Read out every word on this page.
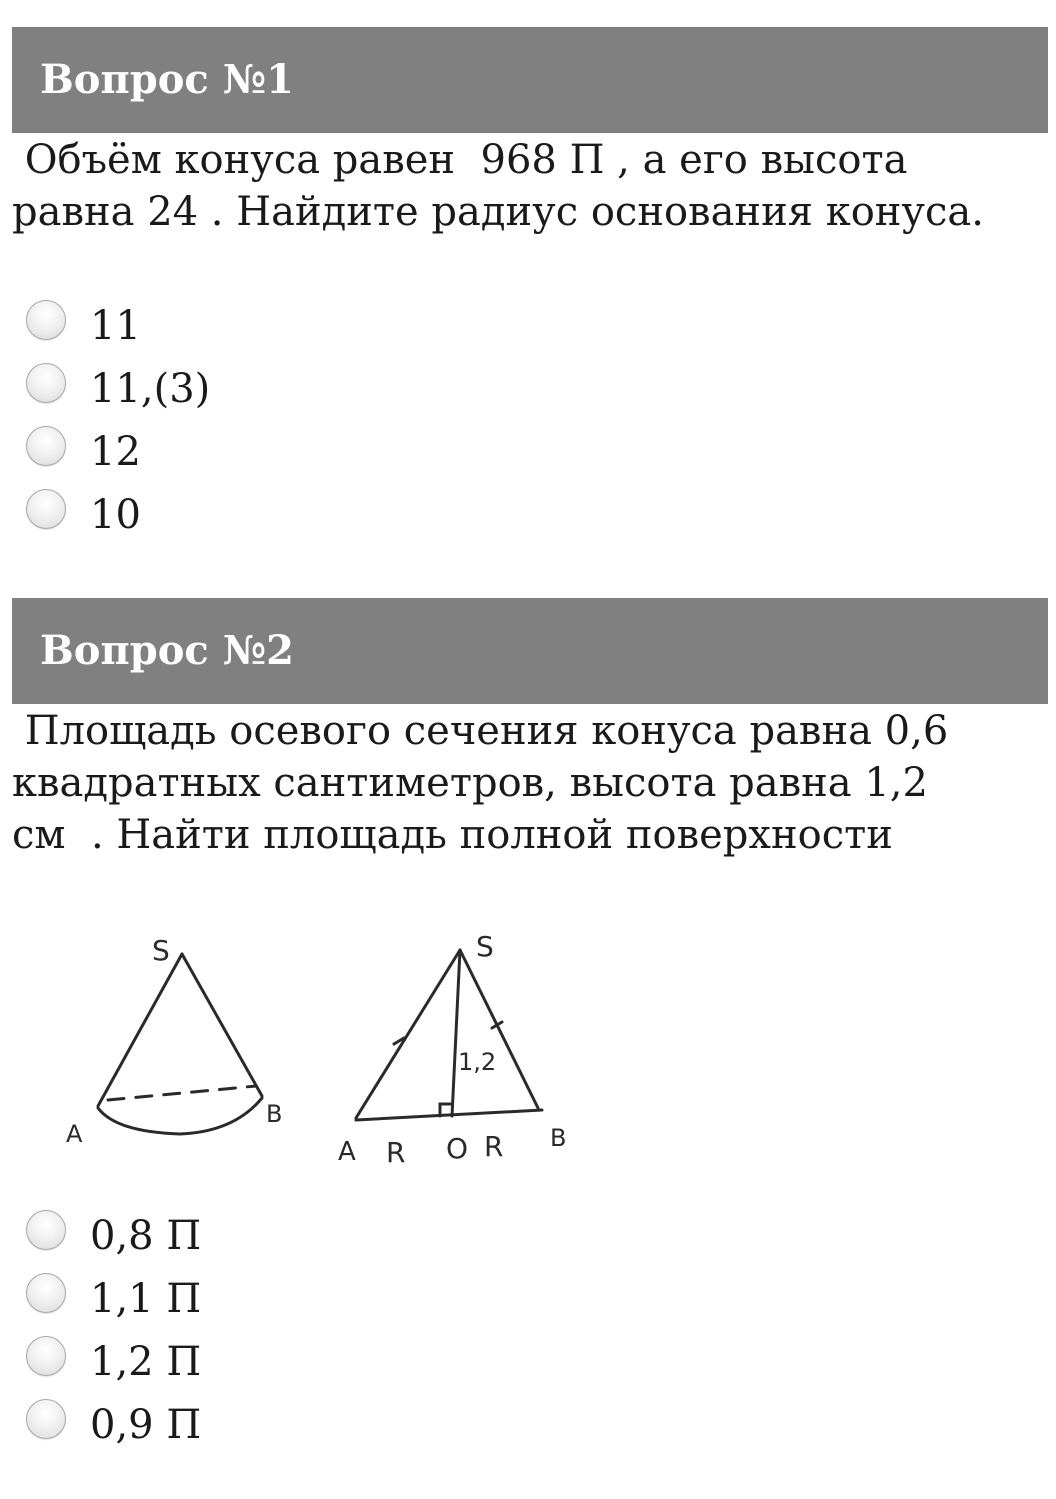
Вопрос №1

Объём конуса равен  968 П , а его высота
равна 24 . Найдите радиус основания конуса.

11
11,(3)
12
10
Вопрос №2

Площадь осевого сечения конуса равна 0,6
квадратных сантиметров, высота равна 1,2
см  . Найти площадь полной поверхности

S
A
B
S
1,2
A R O R B
0,8 П
1,1 П
1,2 П
0,9 П
